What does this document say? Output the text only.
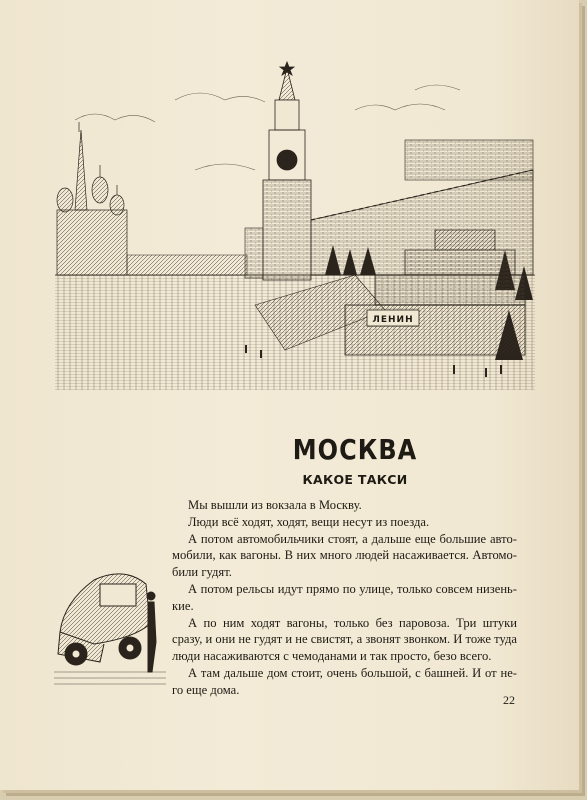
ЛЕНИН
МОСКВА
КАКОЕ ТАКСИ

Мы вышли из вокзала в Москву.

Люди всё ходят, ходят, вещи несут из поезда.

А потом автомобильчики стоят, а дальше еще большие авто-мобили, как вагоны. В них много людей насаживается. Автомо-били гудят.

А потом рельсы идут прямо по улице, только совсем низень-кие.

А по ним ходят вагоны, только без паровоза. Три штуки сразу, и они не гудят и не свистят, а звонят звонком. И тоже туда люди насаживаются с чемоданами и так просто, безо всего.

А там дальше дом стоит, очень большой, с башней. И от не-го еще дома.

22
